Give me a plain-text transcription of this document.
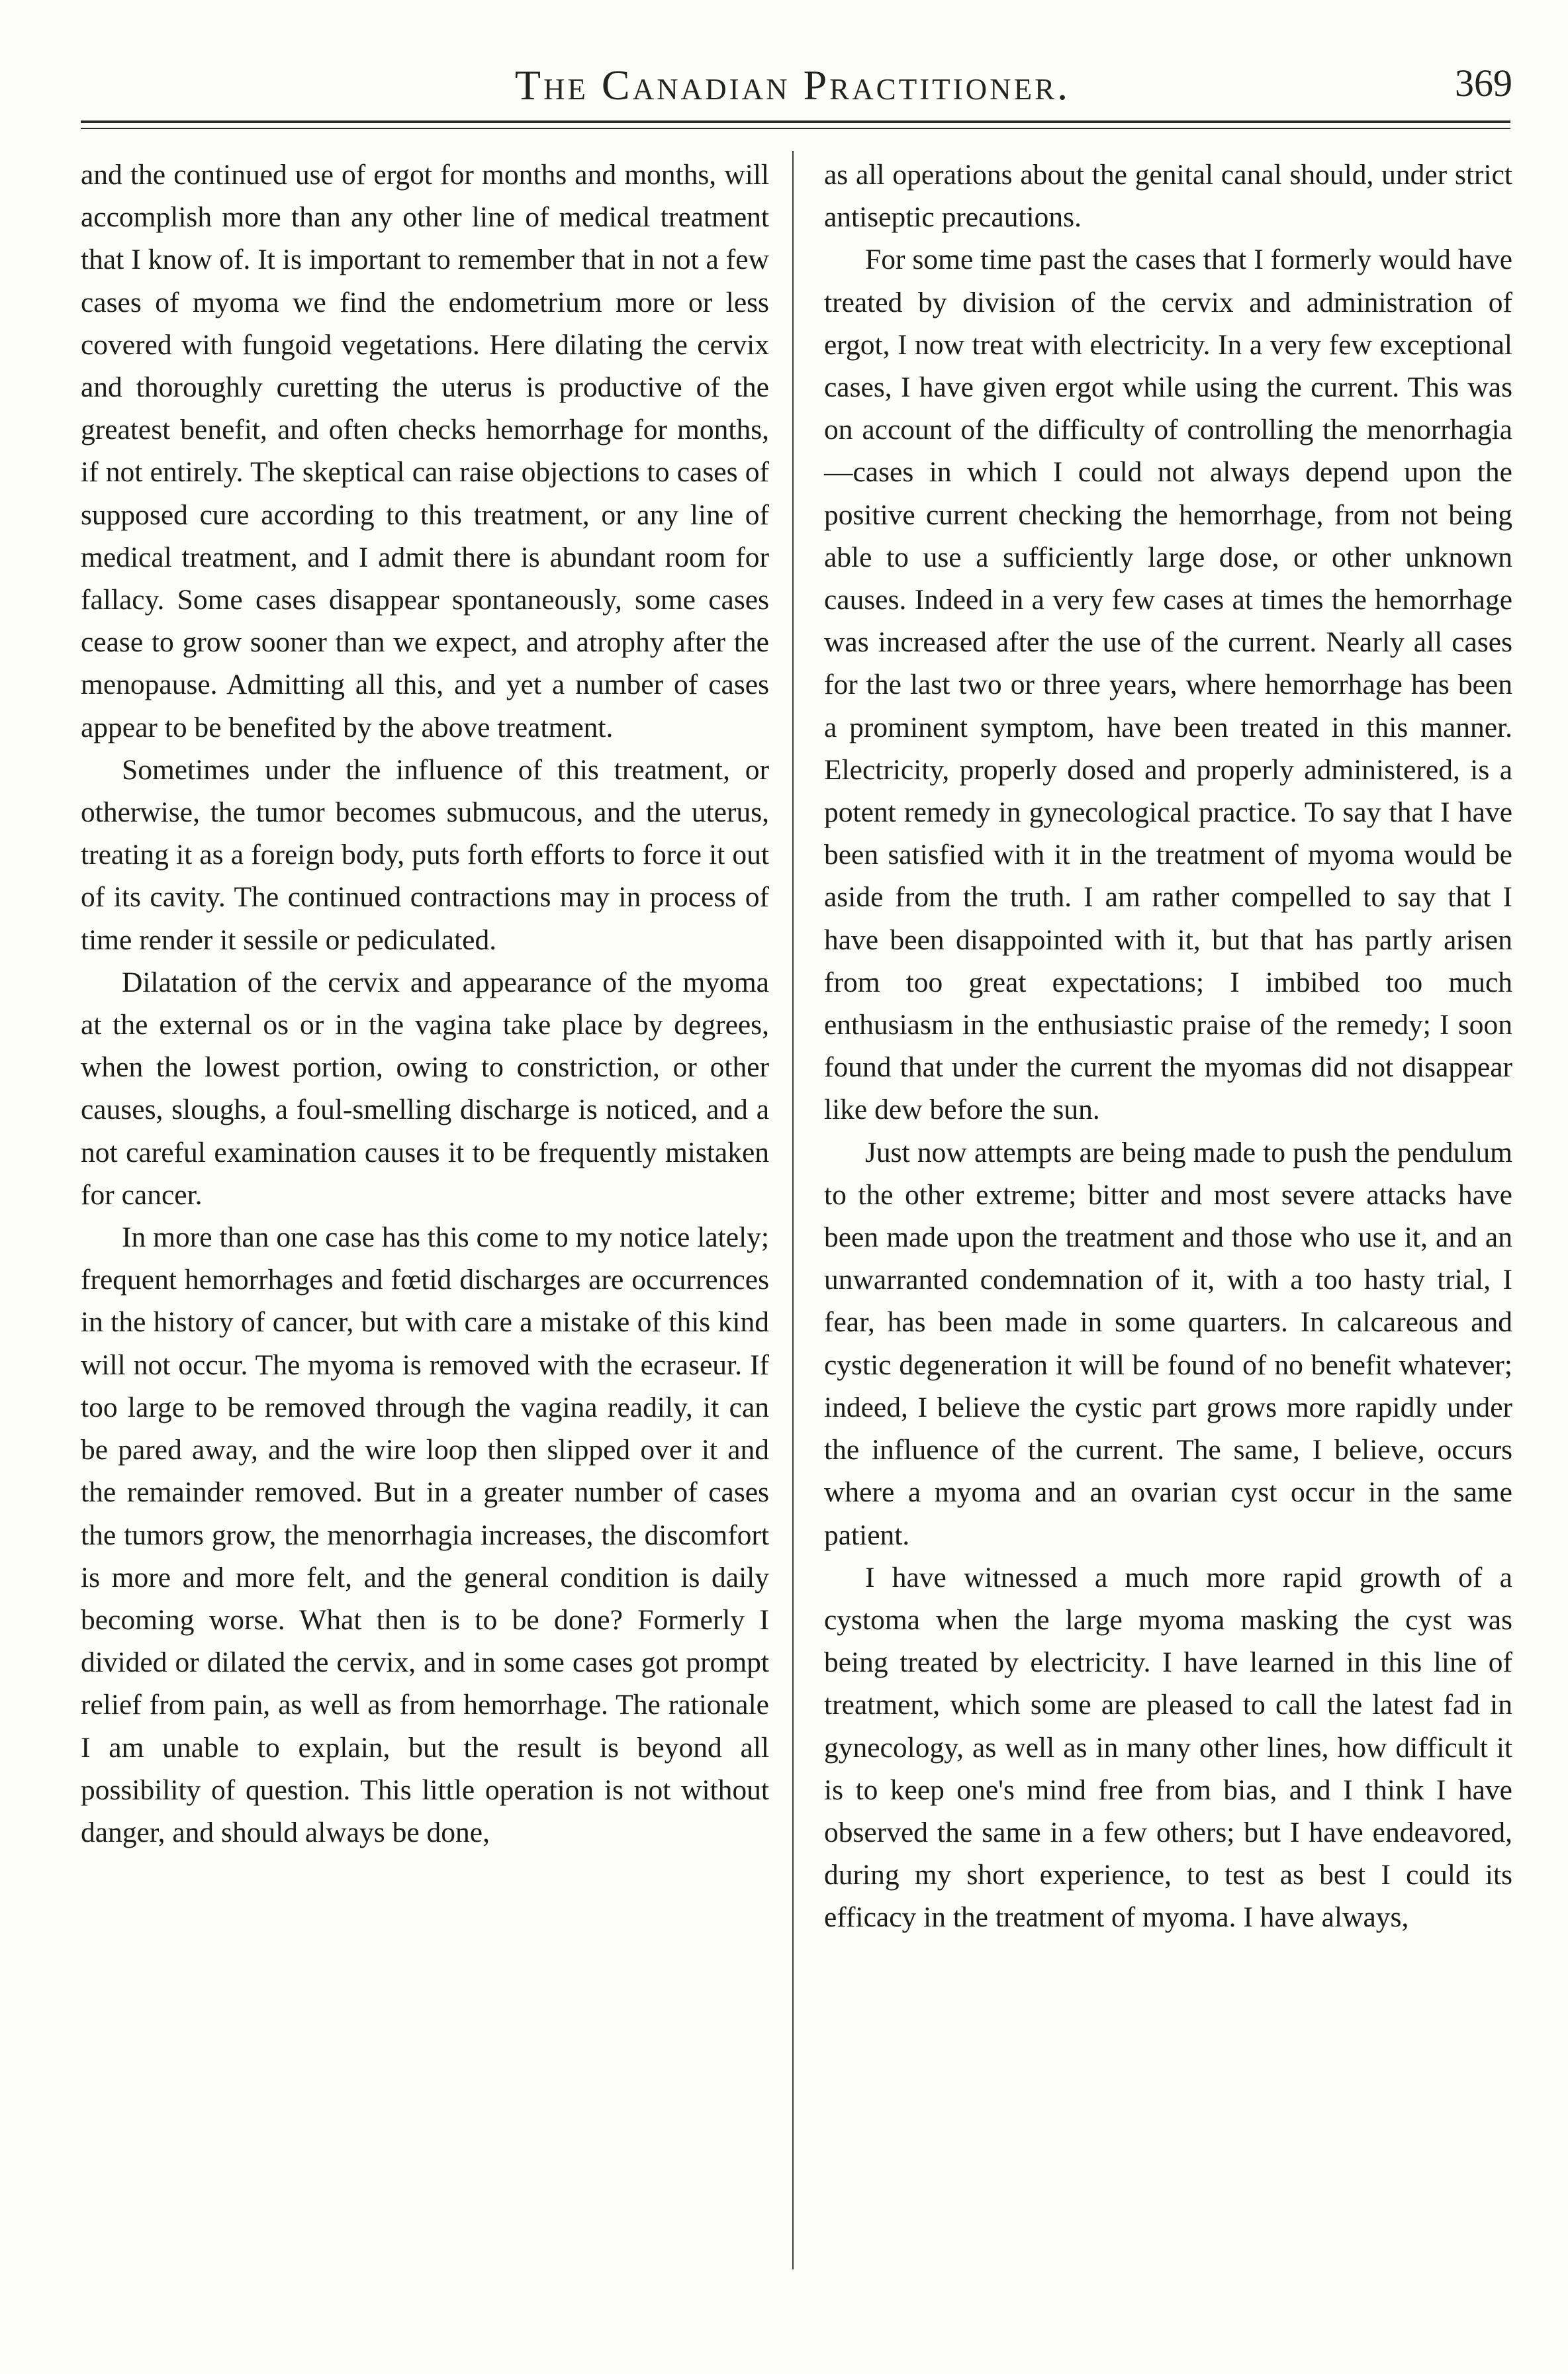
The Canadian Practitioner.	369

and the continued use of ergot for months and months, will accomplish more than any other line of medical treatment that I know of. It is important to remember that in not a few cases of myoma we find the endometrium more or less covered with fungoid vegetations. Here dilating the cervix and thoroughly curetting the uterus is productive of the greatest benefit, and often checks hemorrhage for months, if not entirely. The skeptical can raise objections to cases of supposed cure according to this treatment, or any line of medical treatment, and I admit there is abundant room for fallacy. Some cases disappear spontaneously, some cases cease to grow sooner than we expect, and atrophy after the menopause. Admitting all this, and yet a number of cases appear to be benefited by the above treatment.

Sometimes under the influence of this treatment, or otherwise, the tumor becomes submucous, and the uterus, treating it as a foreign body, puts forth efforts to force it out of its cavity. The continued contractions may in process of time render it sessile or pediculated.

Dilatation of the cervix and appearance of the myoma at the external os or in the vagina take place by degrees, when the lowest portion, owing to constriction, or other causes, sloughs, a foul-smelling discharge is noticed, and a not careful examination causes it to be frequently mistaken for cancer.

In more than one case has this come to my notice lately; frequent hemorrhages and fœtid discharges are occurrences in the history of cancer, but with care a mistake of this kind will not occur. The myoma is removed with the ecraseur. If too large to be removed through the vagina readily, it can be pared away, and the wire loop then slipped over it and the remainder removed. But in a greater number of cases the tumors grow, the menorrhagia increases, the discomfort is more and more felt, and the general condition is daily becoming worse. What then is to be done? Formerly I divided or dilated the cervix, and in some cases got prompt relief from pain, as well as from hemorrhage. The rationale I am unable to explain, but the result is beyond all possibility of question. This little operation is not without danger, and should always be done,

as all operations about the genital canal should, under strict antiseptic precautions.

For some time past the cases that I formerly would have treated by division of the cervix and administration of ergot, I now treat with electricity. In a very few exceptional cases, I have given ergot while using the current. This was on account of the difficulty of controlling the menorrhagia—cases in which I could not always depend upon the positive current checking the hemorrhage, from not being able to use a sufficiently large dose, or other unknown causes. Indeed in a very few cases at times the hemorrhage was increased after the use of the current. Nearly all cases for the last two or three years, where hemorrhage has been a prominent symptom, have been treated in this manner. Electricity, properly dosed and properly administered, is a potent remedy in gynecological practice. To say that I have been satisfied with it in the treatment of myoma would be aside from the truth. I am rather compelled to say that I have been disappointed with it, but that has partly arisen from too great expectations; I imbibed too much enthusiasm in the enthusiastic praise of the remedy; I soon found that under the current the myomas did not disappear like dew before the sun.

Just now attempts are being made to push the pendulum to the other extreme; bitter and most severe attacks have been made upon the treatment and those who use it, and an unwarranted condemnation of it, with a too hasty trial, I fear, has been made in some quarters. In calcareous and cystic degeneration it will be found of no benefit whatever; indeed, I believe the cystic part grows more rapidly under the influence of the current. The same, I believe, occurs where a myoma and an ovarian cyst occur in the same patient.

I have witnessed a much more rapid growth of a cystoma when the large myoma masking the cyst was being treated by electricity. I have learned in this line of treatment, which some are pleased to call the latest fad in gynecology, as well as in many other lines, how difficult it is to keep one's mind free from bias, and I think I have observed the same in a few others; but I have endeavored, during my short experience, to test as best I could its efficacy in the treatment of myoma. I have always,
